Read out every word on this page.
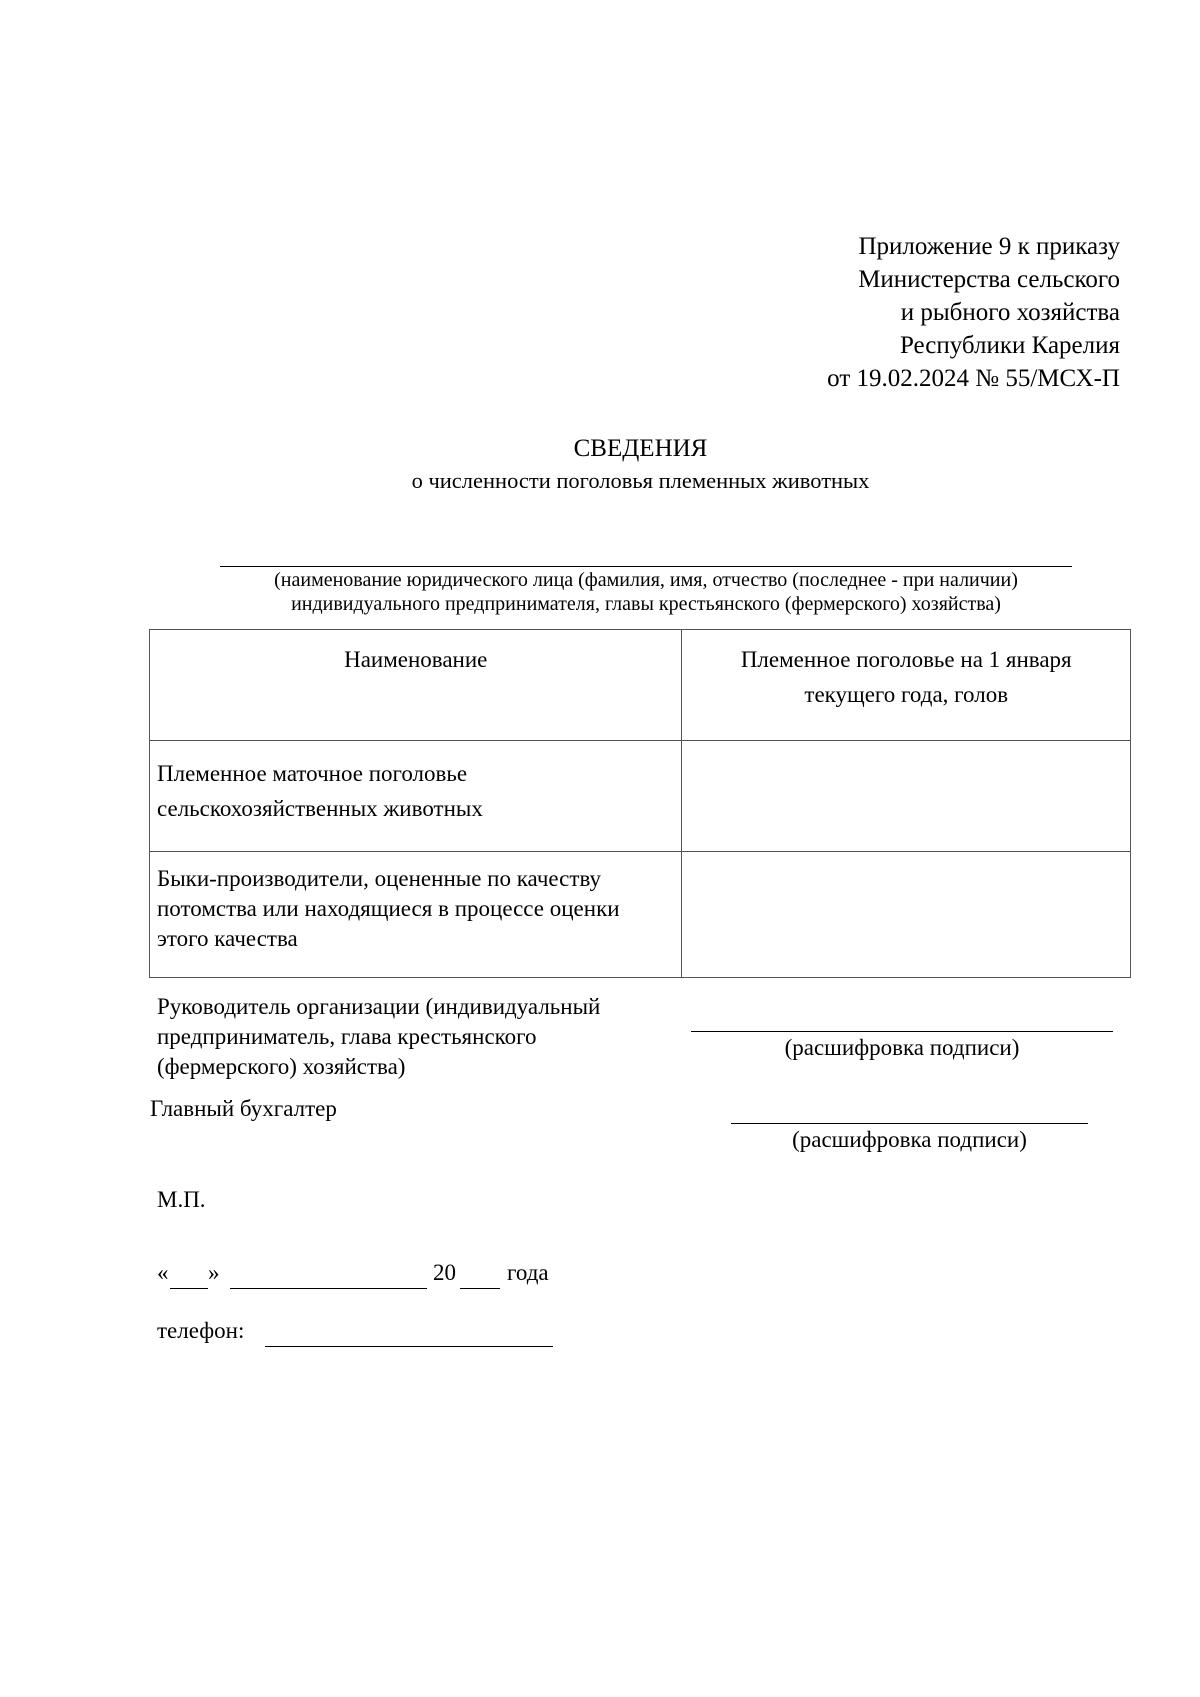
Приложение 9 к приказу
Министерства сельского
и рыбного хозяйства
Республики Карелия
от 19.02.2024 № 55/МСХ-П
СВЕДЕНИЯ
о численности поголовья племенных животных
(наименование юридического лица (фамилия, имя, отчество (последнее - при наличии)
индивидуального предпринимателя, главы крестьянского (фермерского) хозяйства)
Наименование	Племенное поголовье на 1 января текущего года, голов
Племенное маточное поголовье сельскохозяйственных животных	
Быки-производители, оцененные по качеству потомства или находящиеся в процессе оценки этого качества	
Руководитель организации (индивидуальный предприниматель, глава крестьянского (фермерского) хозяйства)
(расшифровка подписи)
Главный бухгалтер
(расшифровка подписи)
М.П.
« »	20 года
телефон:
